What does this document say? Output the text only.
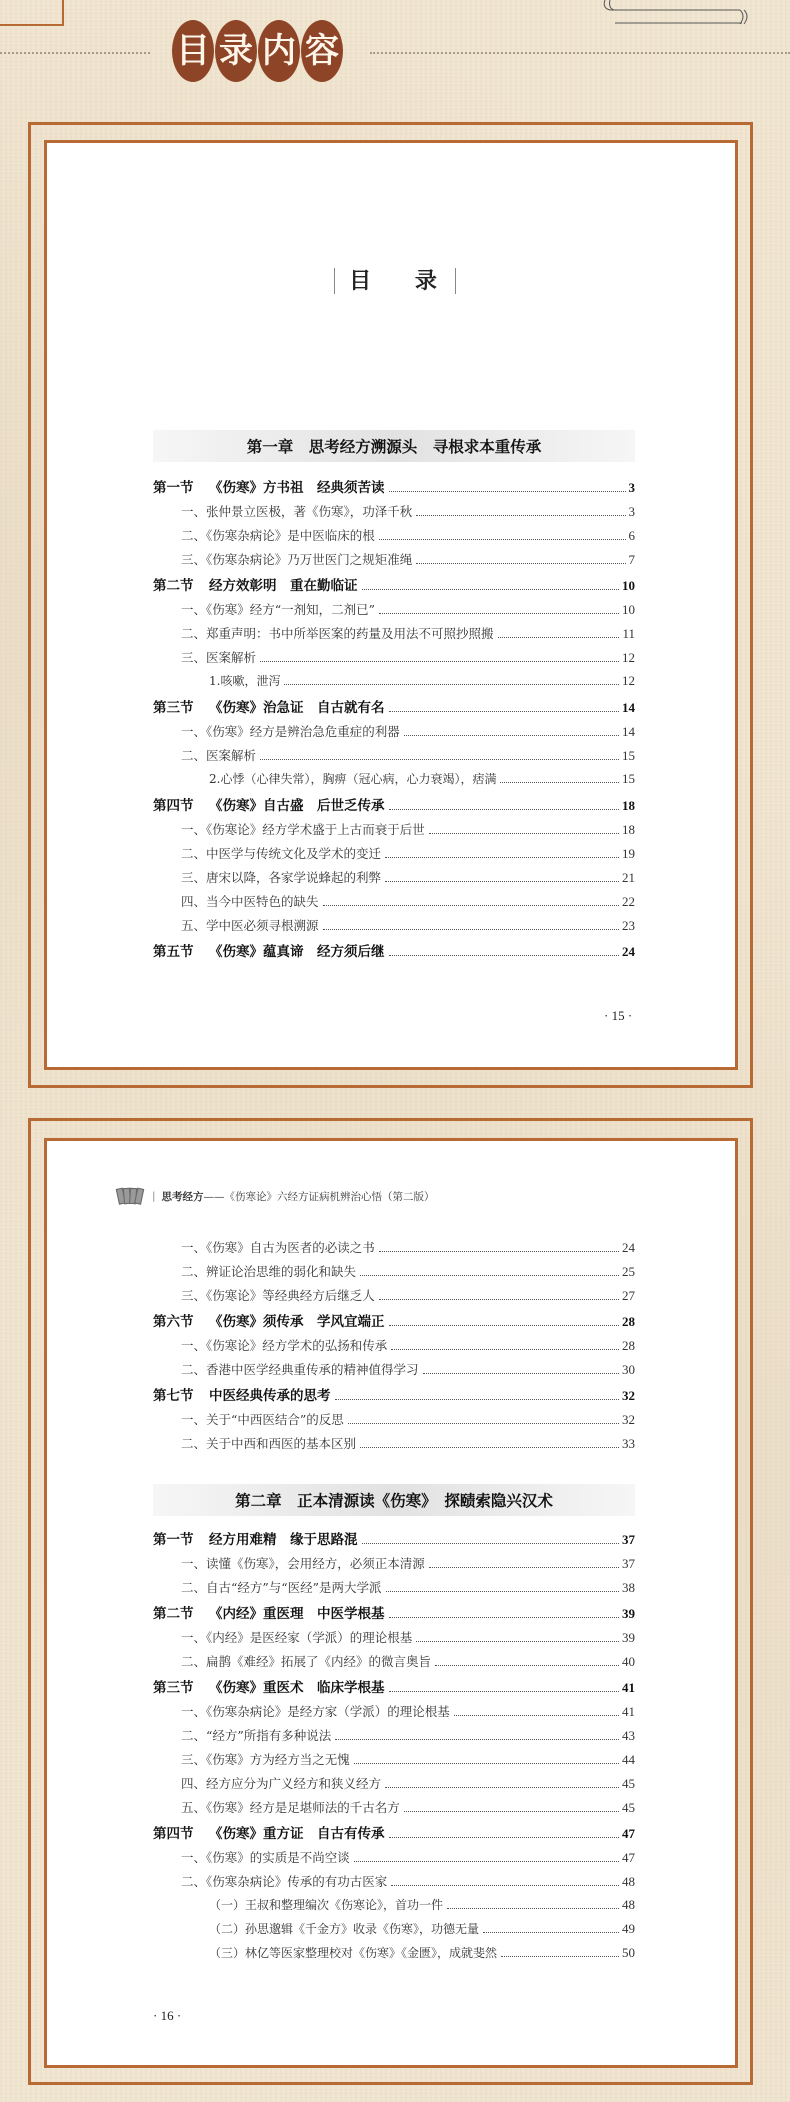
目 录 内 容
目 录
第一章　思考经方溯源头　寻根求本重传承
第一节 《伤寒》方书祖　经典须苦读	3
一、张仲景立医极，著《伤寒》，功泽千秋	3
二、《伤寒杂病论》是中医临床的根	6
三、《伤寒杂病论》乃万世医门之规矩准绳	7
第二节 经方效彰明　重在勤临证	10
一、《伤寒》经方“一剂知，二剂已”	10
二、郑重声明：书中所举医案的药量及用法不可照抄照搬	11
三、医案解析	12
1.咳嗽，泄泻	12
第三节 《伤寒》治急证　自古就有名	14
一、《伤寒》经方是辨治急危重症的利器	14
二、医案解析	15
2.心悸（心律失常），胸痹（冠心病，心力衰竭），痞满	15
第四节 《伤寒》自古盛　后世乏传承	18
一、《伤寒论》经方学术盛于上古而衰于后世	18
二、中医学与传统文化及学术的变迁	19
三、唐宋以降，各家学说蜂起的利弊	21
四、当今中医特色的缺失	22
五、学中医必须寻根溯源	23
第五节 《伤寒》蕴真谛　经方须后继	24
· 15 ·
| 思考经方 ——《伤寒论》六经方证病机辨治心悟（第二版）
一、《伤寒》自古为医者的必读之书	24
二、辨证论治思维的弱化和缺失	25
三、《伤寒论》等经典经方后继乏人	27
第六节 《伤寒》须传承　学风宜端正	28
一、《伤寒论》经方学术的弘扬和传承	28
二、香港中医学经典重传承的精神值得学习	30
第七节 中医经典传承的思考	32
一、关于“中西医结合”的反思	32
二、关于中西和西医的基本区别	33
第二章　正本清源读《伤寒》　探赜索隐兴汉术
第一节 经方用难精　缘于思路混	37
一、读懂《伤寒》，会用经方，必须正本清源	37
二、自古“经方”与“医经”是两大学派	38
第二节 《内经》重医理　中医学根基	39
一、《内经》是医经家（学派）的理论根基	39
二、扁鹊《难经》拓展了《内经》的微言奥旨	40
第三节 《伤寒》重医术　临床学根基	41
一、《伤寒杂病论》是经方家（学派）的理论根基	41
二、“经方”所指有多种说法	43
三、《伤寒》方为经方当之无愧	44
四、经方应分为广义经方和狭义经方	45
五、《伤寒》经方是足堪师法的千古名方	45
第四节 《伤寒》重方证　自古有传承	47
一、《伤寒》的实质是不尚空谈	47
二、《伤寒杂病论》传承的有功古医家	48
（一）王叔和整理编次《伤寒论》，首功一件	48
（二）孙思邈辑《千金方》收录《伤寒》，功德无量	49
（三）林亿等医家整理校对《伤寒》《金匮》，成就斐然	50
· 16 ·
